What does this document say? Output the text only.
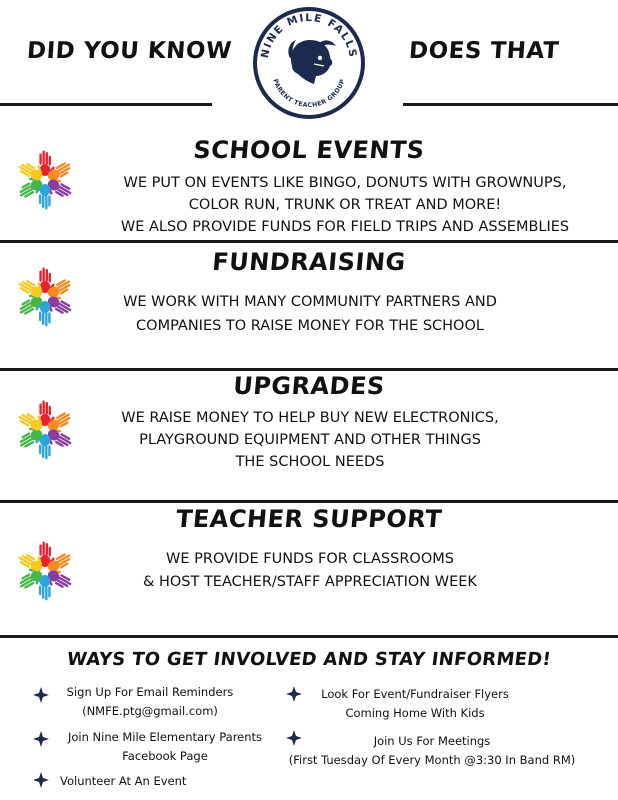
DID YOU KNOW	DOES THAT
NINE MILE FALLS
PARENT TEACHER GROUP
SCHOOL EVENTS
WE PUT ON EVENTS LIKE BINGO, DONUTS WITH GROWNUPS,
COLOR RUN, TRUNK OR TREAT AND MORE!
WE ALSO PROVIDE FUNDS FOR FIELD TRIPS AND ASSEMBLIES
FUNDRAISING
WE WORK WITH MANY COMMUNITY PARTNERS AND
COMPANIES TO RAISE MONEY FOR THE SCHOOL
UPGRADES
WE RAISE MONEY TO HELP BUY NEW ELECTRONICS,
PLAYGROUND EQUIPMENT AND OTHER THINGS
THE SCHOOL NEEDS
TEACHER SUPPORT
WE PROVIDE FUNDS FOR CLASSROOMS
& HOST TEACHER/STAFF APPRECIATION WEEK
WAYS TO GET INVOLVED AND STAY INFORMED!
Sign Up For Email Reminders
(NMFE.ptg@gmail.com)
Join Nine Mile Elementary Parents
Facebook Page
Volunteer At An Event
Look For Event/Fundraiser Flyers
Coming Home With Kids
Join Us For Meetings
(First Tuesday Of Every Month @3:30 In Band RM)
